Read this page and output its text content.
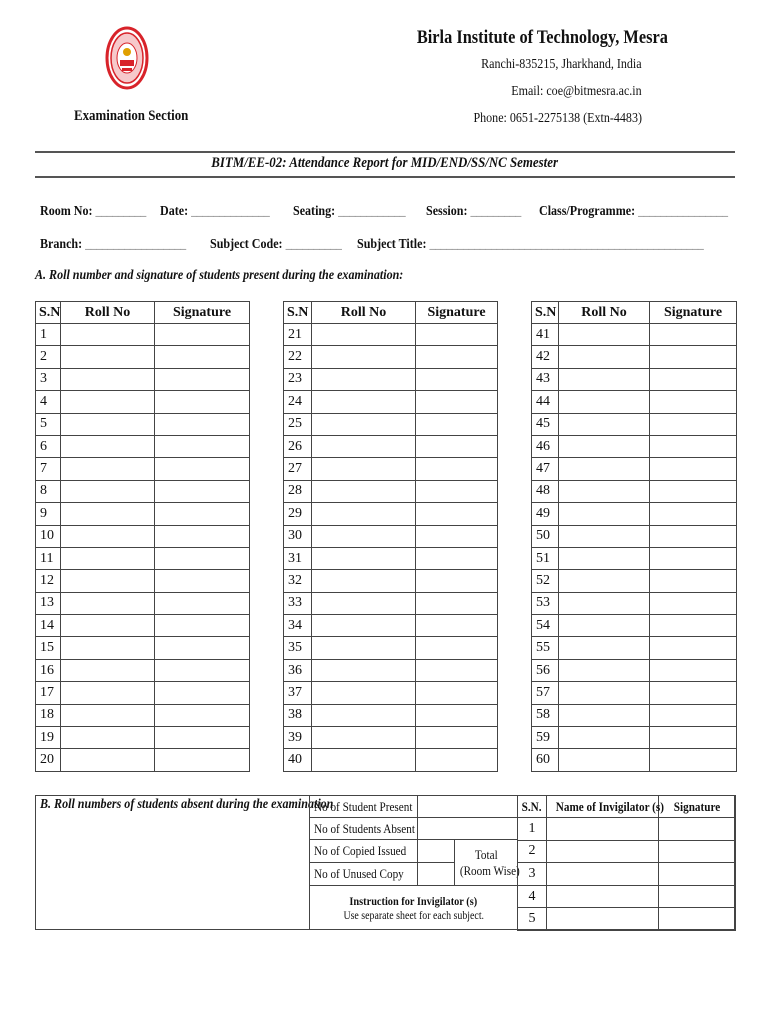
Birla Institute of Technology, Mesra
Ranchi-835215, Jharkhand, India
Email: coe@bitmesra.ac.in
Phone: 0651-2275138 (Extn-4483)
Examination Section
BITM/EE-02: Attendance Report for MID/END/SS/NC Semester
Room No: _________	Date: ______________	Seating: ____________	Session: _________	Class/Programme: ________________
Branch: __________________	Subject Code: __________	Subject Title: _________________________________________________
A. Roll number and signature of students present during the examination:
S.N	Roll No	Signature
1		
2		
3		
4		
5		
6		
7		
8		
9		
10		
11		
12		
13		
14		
15		
16		
17		
18		
19		
20		
S.N	Roll No	Signature
21		
22		
23		
24		
25		
26		
27		
28		
29		
30		
31		
32		
33		
34		
35		
36		
37		
38		
39		
40		
S.N	Roll No	Signature
41		
42		
43		
44		
45		
46		
47		
48		
49		
50		
51		
52		
53		
54		
55		
56		
57		
58		
59		
60		
B. Roll numbers of students absent during the examination
No of Student Present		
No of Students Absent		
No of Copied Issued		Total
(Room Wise)
No of Unused Copy		
Instruction for Invigilator (s)
Use separate sheet for each subject.
S.N.	Name of Invigilator (s)	Signature
1		
2		
3		
4		
5		
